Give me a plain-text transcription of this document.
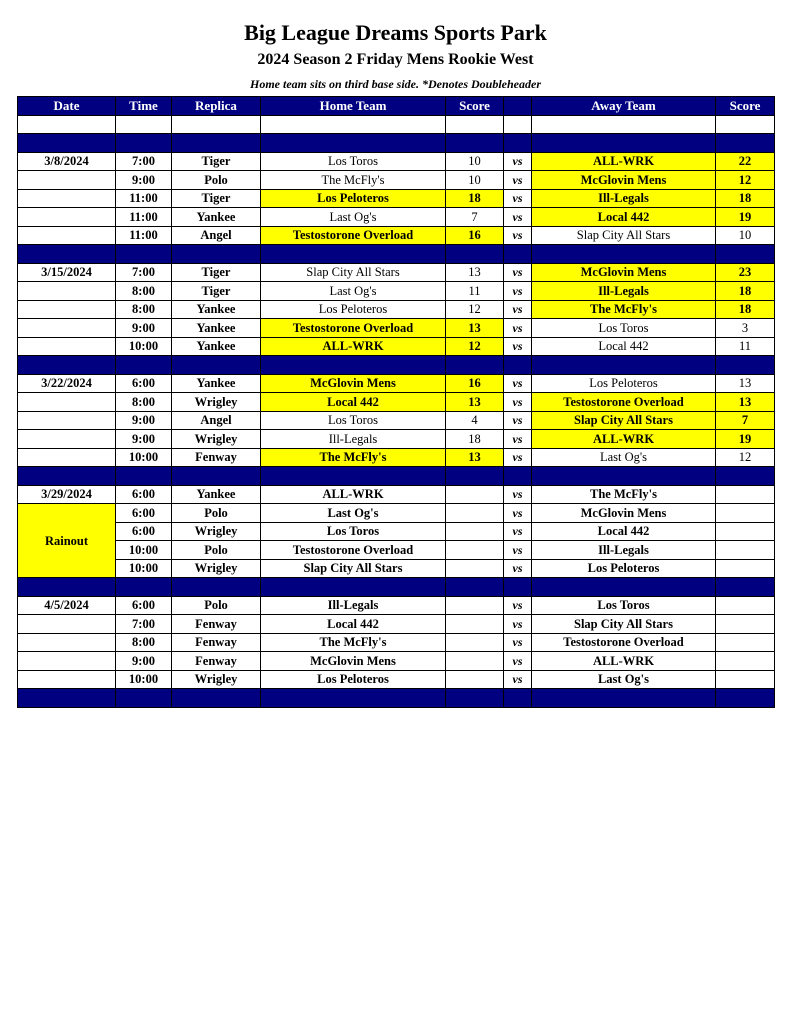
Big League Dreams Sports Park
2024 Season 2 Friday Mens Rookie West
Home team sits on third base side. *Denotes Doubleheader
Date	Time	Replica	Home Team	Score		Away Team	Score

3/8/2024	7:00	Tiger	Los Toros	10	vs	ALL-WRK	22
	9:00	Polo	The McFly's	10	vs	McGlovin Mens	12
	11:00	Tiger	Los Peloteros	18	vs	Ill-Legals	18
	11:00	Yankee	Last Og's	7	vs	Local 442	19
	11:00	Angel	Testostorone Overload	16	vs	Slap City All Stars	10

3/15/2024	7:00	Tiger	Slap City All Stars	13	vs	McGlovin Mens	23
	8:00	Tiger	Last Og's	11	vs	Ill-Legals	18
	8:00	Yankee	Los Peloteros	12	vs	The McFly's	18
	9:00	Yankee	Testostorone Overload	13	vs	Los Toros	3
	10:00	Yankee	ALL-WRK	12	vs	Local 442	11

3/22/2024	6:00	Yankee	McGlovin Mens	16	vs	Los Peloteros	13
	8:00	Wrigley	Local 442	13	vs	Testostorone Overload	13
	9:00	Angel	Los Toros	4	vs	Slap City All Stars	7
	9:00	Wrigley	Ill-Legals	18	vs	ALL-WRK	19
	10:00	Fenway	The McFly's	13	vs	Last Og's	12

3/29/2024	6:00	Yankee	ALL-WRK		vs	The McFly's	
Rainout	6:00	Polo	Last Og's		vs	McGlovin Mens	
	6:00	Wrigley	Los Toros		vs	Local 442	
	10:00	Polo	Testostorone Overload		vs	Ill-Legals	
	10:00	Wrigley	Slap City All Stars		vs	Los Peloteros	

4/5/2024	6:00	Polo	Ill-Legals		vs	Los Toros	
	7:00	Fenway	Local 442		vs	Slap City All Stars	
	8:00	Fenway	The McFly's		vs	Testostorone Overload	
	9:00	Fenway	McGlovin Mens		vs	ALL-WRK	
	10:00	Wrigley	Los Peloteros		vs	Last Og's	
